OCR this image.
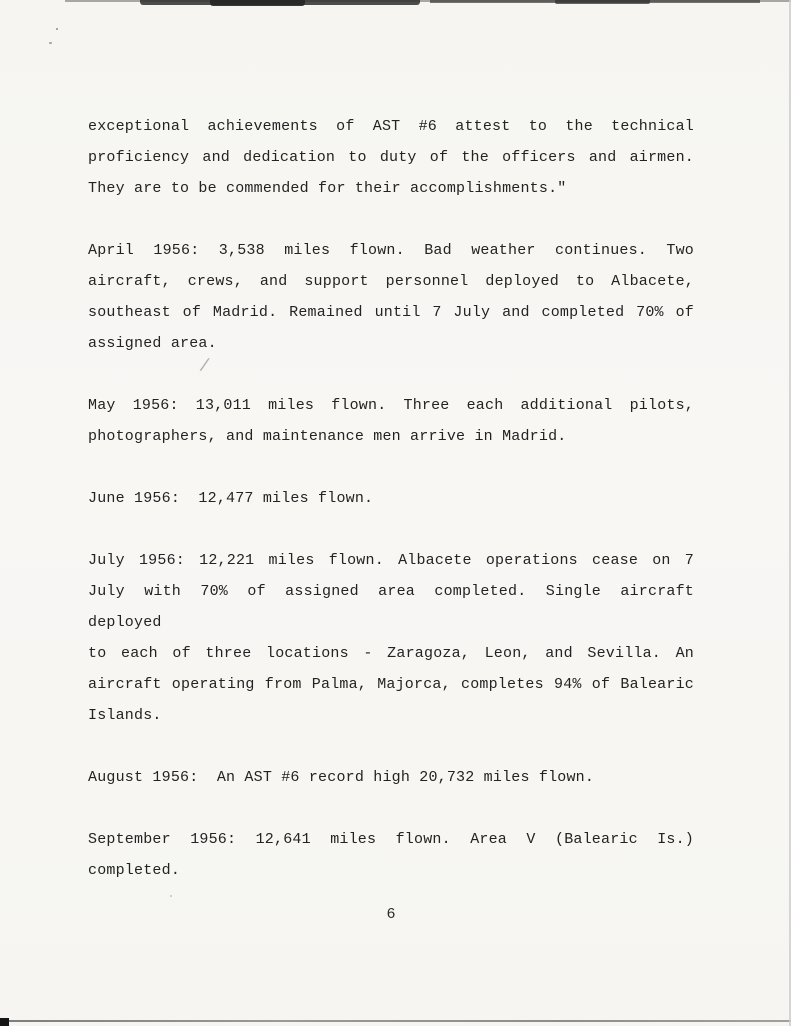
/
exceptional achievements of AST #6 attest to the technical
proficiency and dedication to duty of the officers and airmen.
They are to be commended for their accomplishments."
April 1956: 3,538 miles flown. Bad weather continues. Two
aircraft, crews, and support personnel deployed to Albacete,
southeast of Madrid. Remained until 7 July and completed 70% of
assigned area.
May 1956: 13,011 miles flown. Three each additional pilots,
photographers, and maintenance men arrive in Madrid.
June 1956:  12,477 miles flown.
July 1956: 12,221 miles flown. Albacete operations cease on 7
July with 70% of assigned area completed. Single aircraft deployed
to each of three locations - Zaragoza, Leon, and Sevilla. An
aircraft operating from Palma, Majorca, completes 94% of Balearic
Islands.
August 1956:  An AST #6 record high 20,732 miles flown.
September 1956: 12,641 miles flown. Area V (Balearic Is.)
completed.
6
